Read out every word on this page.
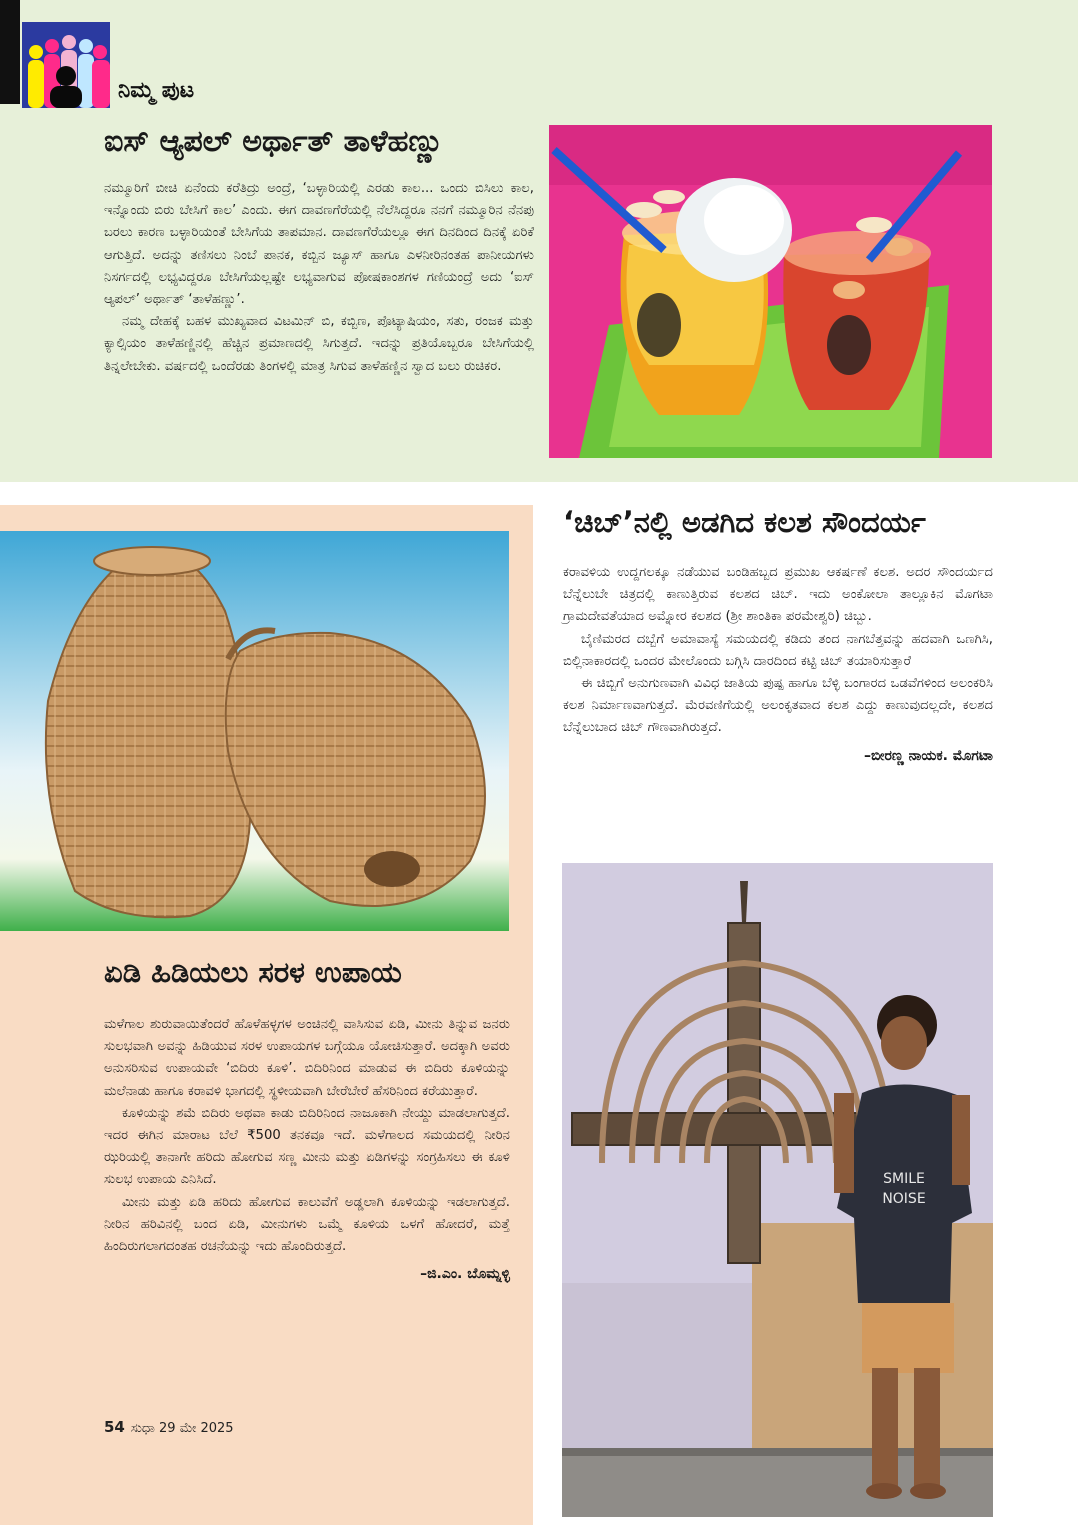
ನಿಮ್ಮ ಪುಟ
ಐಸ್ ಆ್ಯಪಲ್ ಅರ್ಥಾತ್ ತಾಳೆಹಣ್ಣು

ನಮ್ಮೂರಿಗೆ ಬೀಚಿ ಏನೆಂದು ಕರೆತಿದ್ರು ಅಂದ್ರೆ, ‘ಬಳ್ಳಾರಿಯಲ್ಲಿ ಎರಡು ಕಾಲ... ಒಂದು ಬಿಸಿಲು ಕಾಲ, ಇನ್ನೊಂದು ಬಿರು ಬೇಸಿಗೆ ಕಾಲ’ ಎಂದು. ಈಗ ದಾವಣಗೆರೆಯಲ್ಲಿ ನೆಲೆಸಿದ್ದರೂ ನನಗೆ ನಮ್ಮೂರಿನ ನೆನಪು ಬರಲು ಕಾರಣ ಬಳ್ಳಾರಿಯಂತೆ ಬೇಸಿಗೆಯ ತಾಪಮಾನ. ದಾವಣಗೆರೆಯಲ್ಲೂ ಈಗ ದಿನದಿಂದ ದಿನಕ್ಕೆ ಏರಿಕೆ ಆಗುತ್ತಿದೆ. ಅದನ್ನು ತಣಿಸಲು ನಿಂಬೆ ಪಾನಕ, ಕಬ್ಬಿನ ಜ್ಯೂಸ್ ಹಾಗೂ ಎಳನೀರಿನಂತಹ ಪಾನೀಯಗಳು ನಿಸರ್ಗದಲ್ಲಿ ಲಭ್ಯವಿದ್ದರೂ ಬೇಸಿಗೆಯಲ್ಲಷ್ಟೇ ಲಭ್ಯವಾಗುವ ಪೋಷಕಾಂಶಗಳ ಗಣಿಯಂದ್ರೆ ಅದು ‘ಐಸ್ ಆ್ಯಪಲ್’ ಅರ್ಥಾತ್ ‘ತಾಳೆಹಣ್ಣು’.

ನಮ್ಮ ದೇಹಕ್ಕೆ ಬಹಳ ಮುಖ್ಯವಾದ ವಿಟಮಿನ್ ಬಿ, ಕಬ್ಬಿಣ, ಪೊಟ್ಯಾಷಿಯಂ, ಸತು, ರಂಜಕ ಮತ್ತು ಕ್ಯಾಲ್ಸಿಯಂ ತಾಳೆಹಣ್ಣಿನಲ್ಲಿ ಹೆಚ್ಚಿನ ಪ್ರಮಾಣದಲ್ಲಿ ಸಿಗುತ್ತದೆ. ಇದನ್ನು ಪ್ರತಿಯೊಬ್ಬರೂ ಬೇಸಿಗೆಯಲ್ಲಿ ತಿನ್ನಲೇಬೇಕು. ವರ್ಷದಲ್ಲಿ ಒಂದೆರಡು ತಿಂಗಳಲ್ಲಿ ಮಾತ್ರ ಸಿಗುವ ತಾಳೆಹಣ್ಣಿನ ಸ್ವಾದ ಬಲು ರುಚಿಕರ.

‘ಚಿಬ್’ನಲ್ಲಿ ಅಡಗಿದ ಕಲಶ ಸೌಂದರ್ಯ

ಕರಾವಳಿಯ ಉದ್ದಗಲಕ್ಕೂ ನಡೆಯುವ ಬಂಡಿಹಬ್ಬದ ಪ್ರಮುಖ ಆಕರ್ಷಣೆ ಕಲಶ. ಅದರ ಸೌಂದರ್ಯದ ಬೆನ್ನೆಲುಬೇ ಚಿತ್ರದಲ್ಲಿ ಕಾಣುತ್ತಿರುವ ಕಲಶದ ಚಿಬ್. ಇದು ಅಂಕೋಲಾ ತಾಲ್ಲೂಕಿನ ಮೊಗಟಾ ಗ್ರಾಮದೇವತೆಯಾದ ಅಮ್ನೋರ ಕಲಶದ (ಶ್ರೀ ಶಾಂತಿಕಾ ಪರಮೇಶ್ವರಿ) ಚಿಬ್ಬು.

ಬೈಣಿಮರದ ದಬ್ಬೆಗೆ ಅಮಾವಾಸ್ಯೆ ಸಮಯದಲ್ಲಿ ಕಡಿದು ತಂದ ನಾಗಬೆತ್ತವನ್ನು ಹದವಾಗಿ ಒಣಗಿಸಿ, ಬಿಲ್ಲಿನಾಕಾರದಲ್ಲಿ ಒಂದರ ಮೇಲೊಂದು ಬಗ್ಗಿಸಿ ದಾರದಿಂದ ಕಟ್ಟಿ ಚಿಬ್ ತಯಾರಿಸುತ್ತಾರೆ

ಈ ಚಿಬ್ಬಿಗೆ ಅನುಗುಣವಾಗಿ ವಿವಿಧ ಜಾತಿಯ ಪುಷ್ಪ ಹಾಗೂ ಬೆಳ್ಳಿ ಬಂಗಾರದ ಒಡವೆಗಳಿಂದ ಅಲಂಕರಿಸಿ ಕಲಶ ನಿರ್ಮಾಣವಾಗುತ್ತದೆ. ಮೆರವಣಿಗೆಯಲ್ಲಿ ಅಲಂಕೃತವಾದ ಕಲಶ ಎದ್ದು ಕಾಣುವುದಲ್ಲದೇ, ಕಲಶದ ಬೆನ್ನೆಲುಬಾದ ಚಿಬ್ ಗೌಣವಾಗಿರುತ್ತದೆ.

–ಬೀರಣ್ಣ ನಾಯಕ. ಮೊಗಟಾ
ಏಡಿ ಹಿಡಿಯಲು ಸರಳ ಉಪಾಯ

ಮಳೆಗಾಲ ಶುರುವಾಯಿತೆಂದರೆ ಹೊಳೆಹಳ್ಳಗಳ ಅಂಚಿನಲ್ಲಿ ವಾಸಿಸುವ ಏಡಿ, ಮೀನು ತಿನ್ನುವ ಜನರು ಸುಲಭವಾಗಿ ಅವನ್ನು ಹಿಡಿಯುವ ಸರಳ ಉಪಾಯಗಳ ಬಗ್ಗೆಯೂ ಯೋಚಿಸುತ್ತಾರೆ. ಅದಕ್ಕಾಗಿ ಅವರು ಅನುಸರಿಸುವ ಉಪಾಯವೇ ‘ಬಿದಿರು ಕೂಳಿ’. ಬಿದಿರಿನಿಂದ ಮಾಡುವ ಈ ಬಿದಿರು ಕೂಳಿಯನ್ನು ಮಲೆನಾಡು ಹಾಗೂ ಕರಾವಳಿ ಭಾಗದಲ್ಲಿ ಸ್ಥಳೀಯವಾಗಿ ಬೇರೆಬೇರೆ ಹೆಸರಿನಿಂದ ಕರೆಯುತ್ತಾರೆ.

ಕೂಳಿಯನ್ನು ಶಮೆ ಬಿದಿರು ಅಥವಾ ಕಾಡು ಬಿದಿರಿನಿಂದ ನಾಜೂಕಾಗಿ ನೇಯ್ದು ಮಾಡಲಾಗುತ್ತದೆ. ಇದರ ಈಗಿನ ಮಾರಾಟ ಬೆಲೆ ₹500 ತನಕವೂ ಇದೆ. ಮಳೆಗಾಲದ ಸಮಯದಲ್ಲಿ ನೀರಿನ ಝರಿಯಲ್ಲಿ ತಾನಾಗೇ ಹರಿದು ಹೋಗುವ ಸಣ್ಣ ಮೀನು ಮತ್ತು ಏಡಿಗಳನ್ನು ಸಂಗ್ರಹಿಸಲು ಈ ಕೂಳಿ ಸುಲಭ ಉಪಾಯ ಎನಿಸಿದೆ.

ಮೀನು ಮತ್ತು ಏಡಿ ಹರಿದು ಹೋಗುವ ಕಾಲುವೆಗೆ ಅಡ್ಡಲಾಗಿ ಕೂಳಿಯನ್ನು ಇಡಲಾಗುತ್ತದೆ. ನೀರಿನ ಹರಿವಿನಲ್ಲಿ ಬಂದ ಏಡಿ, ಮೀನುಗಳು ಒಮ್ಮೆ ಕೂಳಿಯ ಒಳಗೆ ಹೋದರೆ, ಮತ್ತೆ ಹಿಂದಿರುಗಲಾಗದಂತಹ ರಚನೆಯನ್ನು ಇದು ಹೊಂದಿರುತ್ತದೆ.

–ಜಿ.ಎಂ. ಬೊಮ್ನಳ್ಳಿ
SMILE
NOISE
54 ಸುಧಾ 29 ಮೇ 2025
